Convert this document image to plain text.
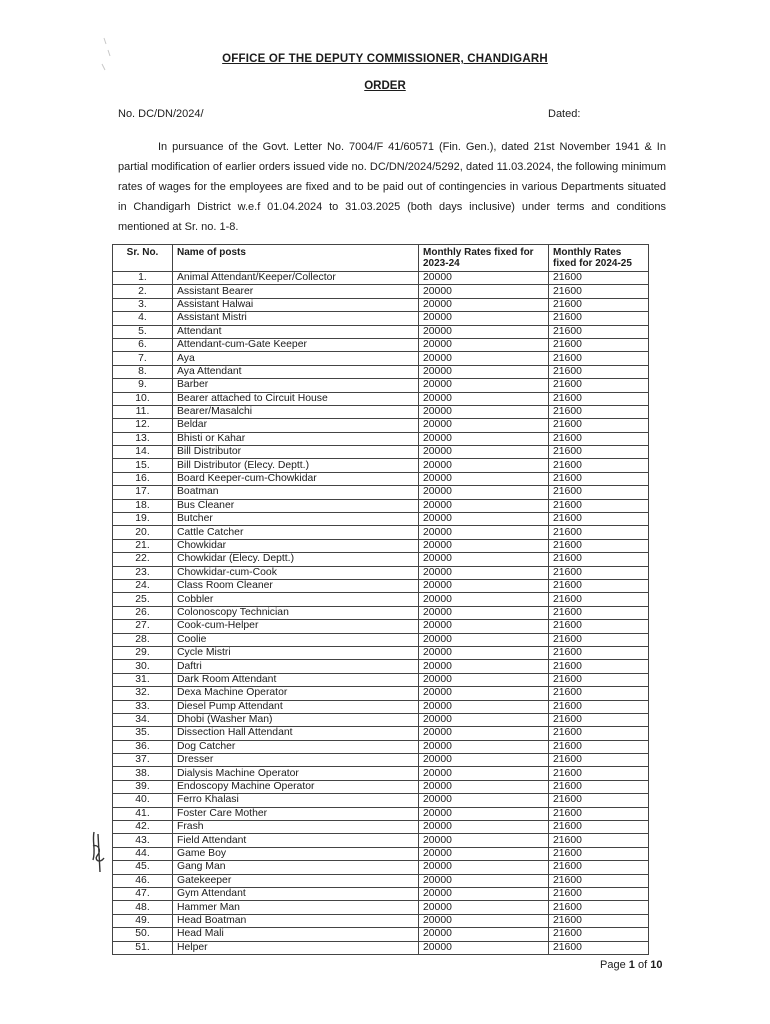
OFFICE OF THE DEPUTY COMMISSIONER, CHANDIGARH
ORDER
No. DC/DN/2024/	Dated:
In pursuance of the Govt. Letter No. 7004/F 41/60571 (Fin. Gen.), dated 21st November 1941 & In partial modification of earlier orders issued vide no. DC/DN/2024/5292, dated 11.03.2024, the following minimum rates of wages for the employees are fixed and to be paid out of contingencies in various Departments situated in Chandigarh District w.e.f 01.04.2024 to 31.03.2025 (both days inclusive) under terms and conditions mentioned at Sr. no. 1-8.
Sr. No.	Name of posts	Monthly Rates fixed for 2023-24	Monthly Rates fixed for 2024-25
1.	Animal Attendant/Keeper/Collector	20000	21600
2.	Assistant Bearer	20000	21600
3.	Assistant Halwai	20000	21600
4.	Assistant Mistri	20000	21600
5.	Attendant	20000	21600
6.	Attendant-cum-Gate Keeper	20000	21600
7.	Aya	20000	21600
8.	Aya Attendant	20000	21600
9.	Barber	20000	21600
10.	Bearer attached to Circuit House	20000	21600
11.	Bearer/Masalchi	20000	21600
12.	Beldar	20000	21600
13.	Bhisti or Kahar	20000	21600
14.	Bill Distributor	20000	21600
15.	Bill Distributor (Elecy. Deptt.)	20000	21600
16.	Board Keeper-cum-Chowkidar	20000	21600
17.	Boatman	20000	21600
18.	Bus Cleaner	20000	21600
19.	Butcher	20000	21600
20.	Cattle Catcher	20000	21600
21.	Chowkidar	20000	21600
22.	Chowkidar (Elecy. Deptt.)	20000	21600
23.	Chowkidar-cum-Cook	20000	21600
24.	Class Room Cleaner	20000	21600
25.	Cobbler	20000	21600
26.	Colonoscopy Technician	20000	21600
27.	Cook-cum-Helper	20000	21600
28.	Coolie	20000	21600
29.	Cycle Mistri	20000	21600
30.	Daftri	20000	21600
31.	Dark Room Attendant	20000	21600
32.	Dexa Machine Operator	20000	21600
33.	Diesel Pump Attendant	20000	21600
34.	Dhobi (Washer Man)	20000	21600
35.	Dissection Hall Attendant	20000	21600
36.	Dog Catcher	20000	21600
37.	Dresser	20000	21600
38.	Dialysis Machine Operator	20000	21600
39.	Endoscopy Machine Operator	20000	21600
40.	Ferro Khalasi	20000	21600
41.	Foster Care Mother	20000	21600
42.	Frash	20000	21600
43.	Field Attendant	20000	21600
44.	Game Boy	20000	21600
45.	Gang Man	20000	21600
46.	Gatekeeper	20000	21600
47.	Gym Attendant	20000	21600
48.	Hammer Man	20000	21600
49.	Head Boatman	20000	21600
50.	Head Mali	20000	21600
51.	Helper	20000	21600
Page 1 of 10
